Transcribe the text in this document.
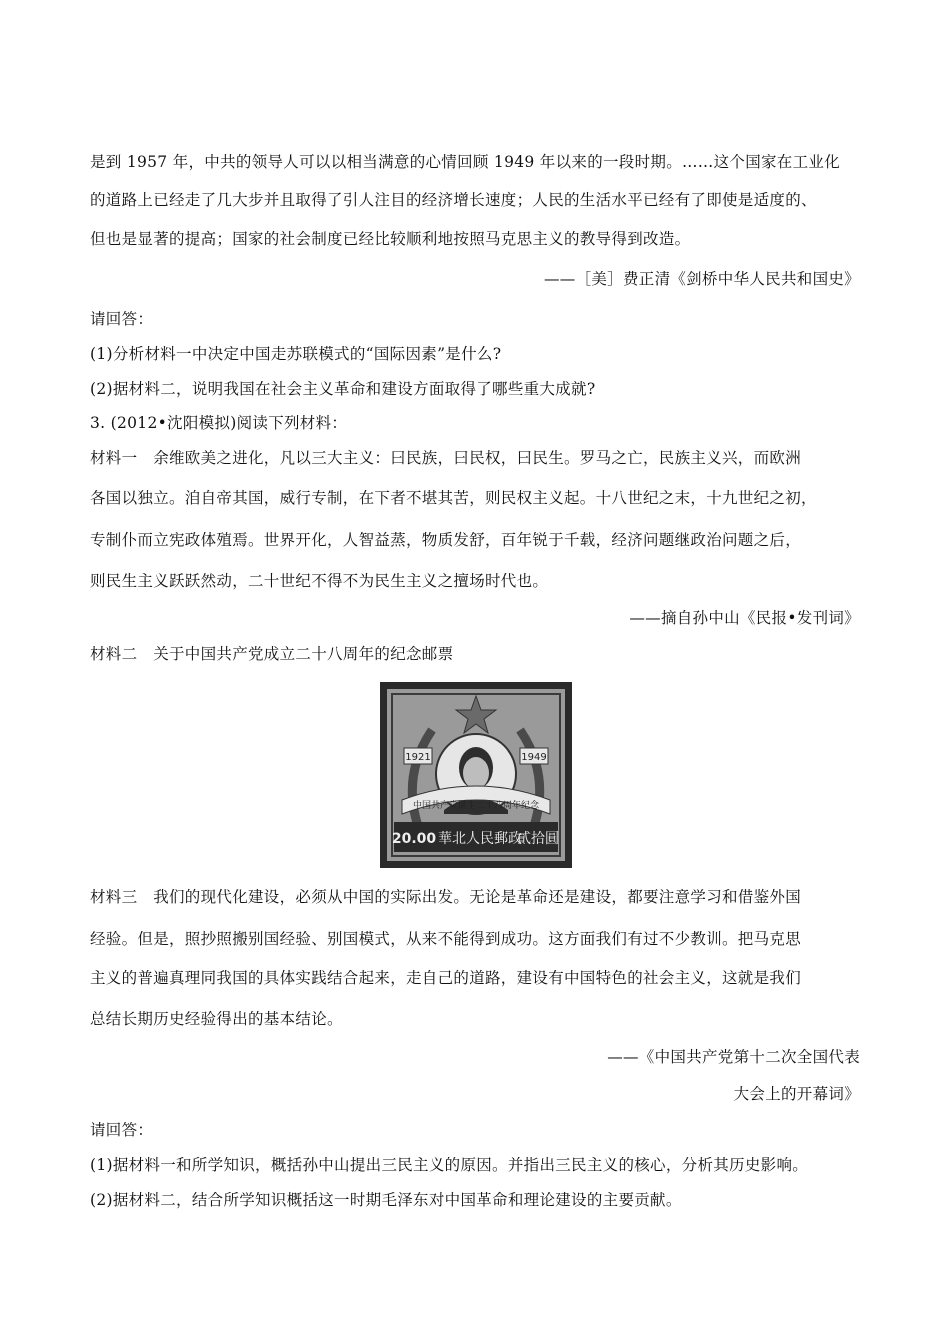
是到 1957 年，中共的领导人可以以相当满意的心情回顾 1949 年以来的一段时期。……这个国家在工业化
的道路上已经走了几大步并且取得了引人注目的经济增长速度；人民的生活水平已经有了即使是适度的、
但也是显著的提高；国家的社会制度已经比较顺利地按照马克思主义的教导得到改造。
——［美］费正清《剑桥中华人民共和国史》
请回答：
(1)分析材料一中决定中国走苏联模式的“国际因素”是什么?
(2)据材料二，说明我国在社会主义革命和建设方面取得了哪些重大成就?
3. (2012•沈阳模拟)阅读下列材料：
材料一　余维欧美之进化，凡以三大主义：曰民族，曰民权，曰民生。罗马之亡，民族主义兴，而欧洲
各国以独立。洎自帝其国，威行专制，在下者不堪其苦，则民权主义起。十八世纪之末，十九世纪之初，
专制仆而立宪政体殖焉。世界开化，人智益蒸，物质发舒，百年锐于千载，经济问题继政治问题之后，
则民生主义跃跃然动，二十世纪不得不为民生主义之擅场时代也。
——摘自孙中山《民报•发刊词》
材料二　关于中国共产党成立二十八周年的纪念邮票
1921	1949
中国共产党诞生二十八周年纪念
20.00 華北人民郵政
貳拾圓
材料三　我们的现代化建设，必须从中国的实际出发。无论是革命还是建设，都要注意学习和借鉴外国
经验。但是，照抄照搬别国经验、别国模式，从来不能得到成功。这方面我们有过不少教训。把马克思
主义的普遍真理同我国的具体实践结合起来，走自己的道路，建设有中国特色的社会主义，这就是我们
总结长期历史经验得出的基本结论。
——《中国共产党第十二次全国代表
大会上的开幕词》
请回答：
(1)据材料一和所学知识，概括孙中山提出三民主义的原因。并指出三民主义的核心，分析其历史影响。
(2)据材料二，结合所学知识概括这一时期毛泽东对中国革命和理论建设的主要贡献。
